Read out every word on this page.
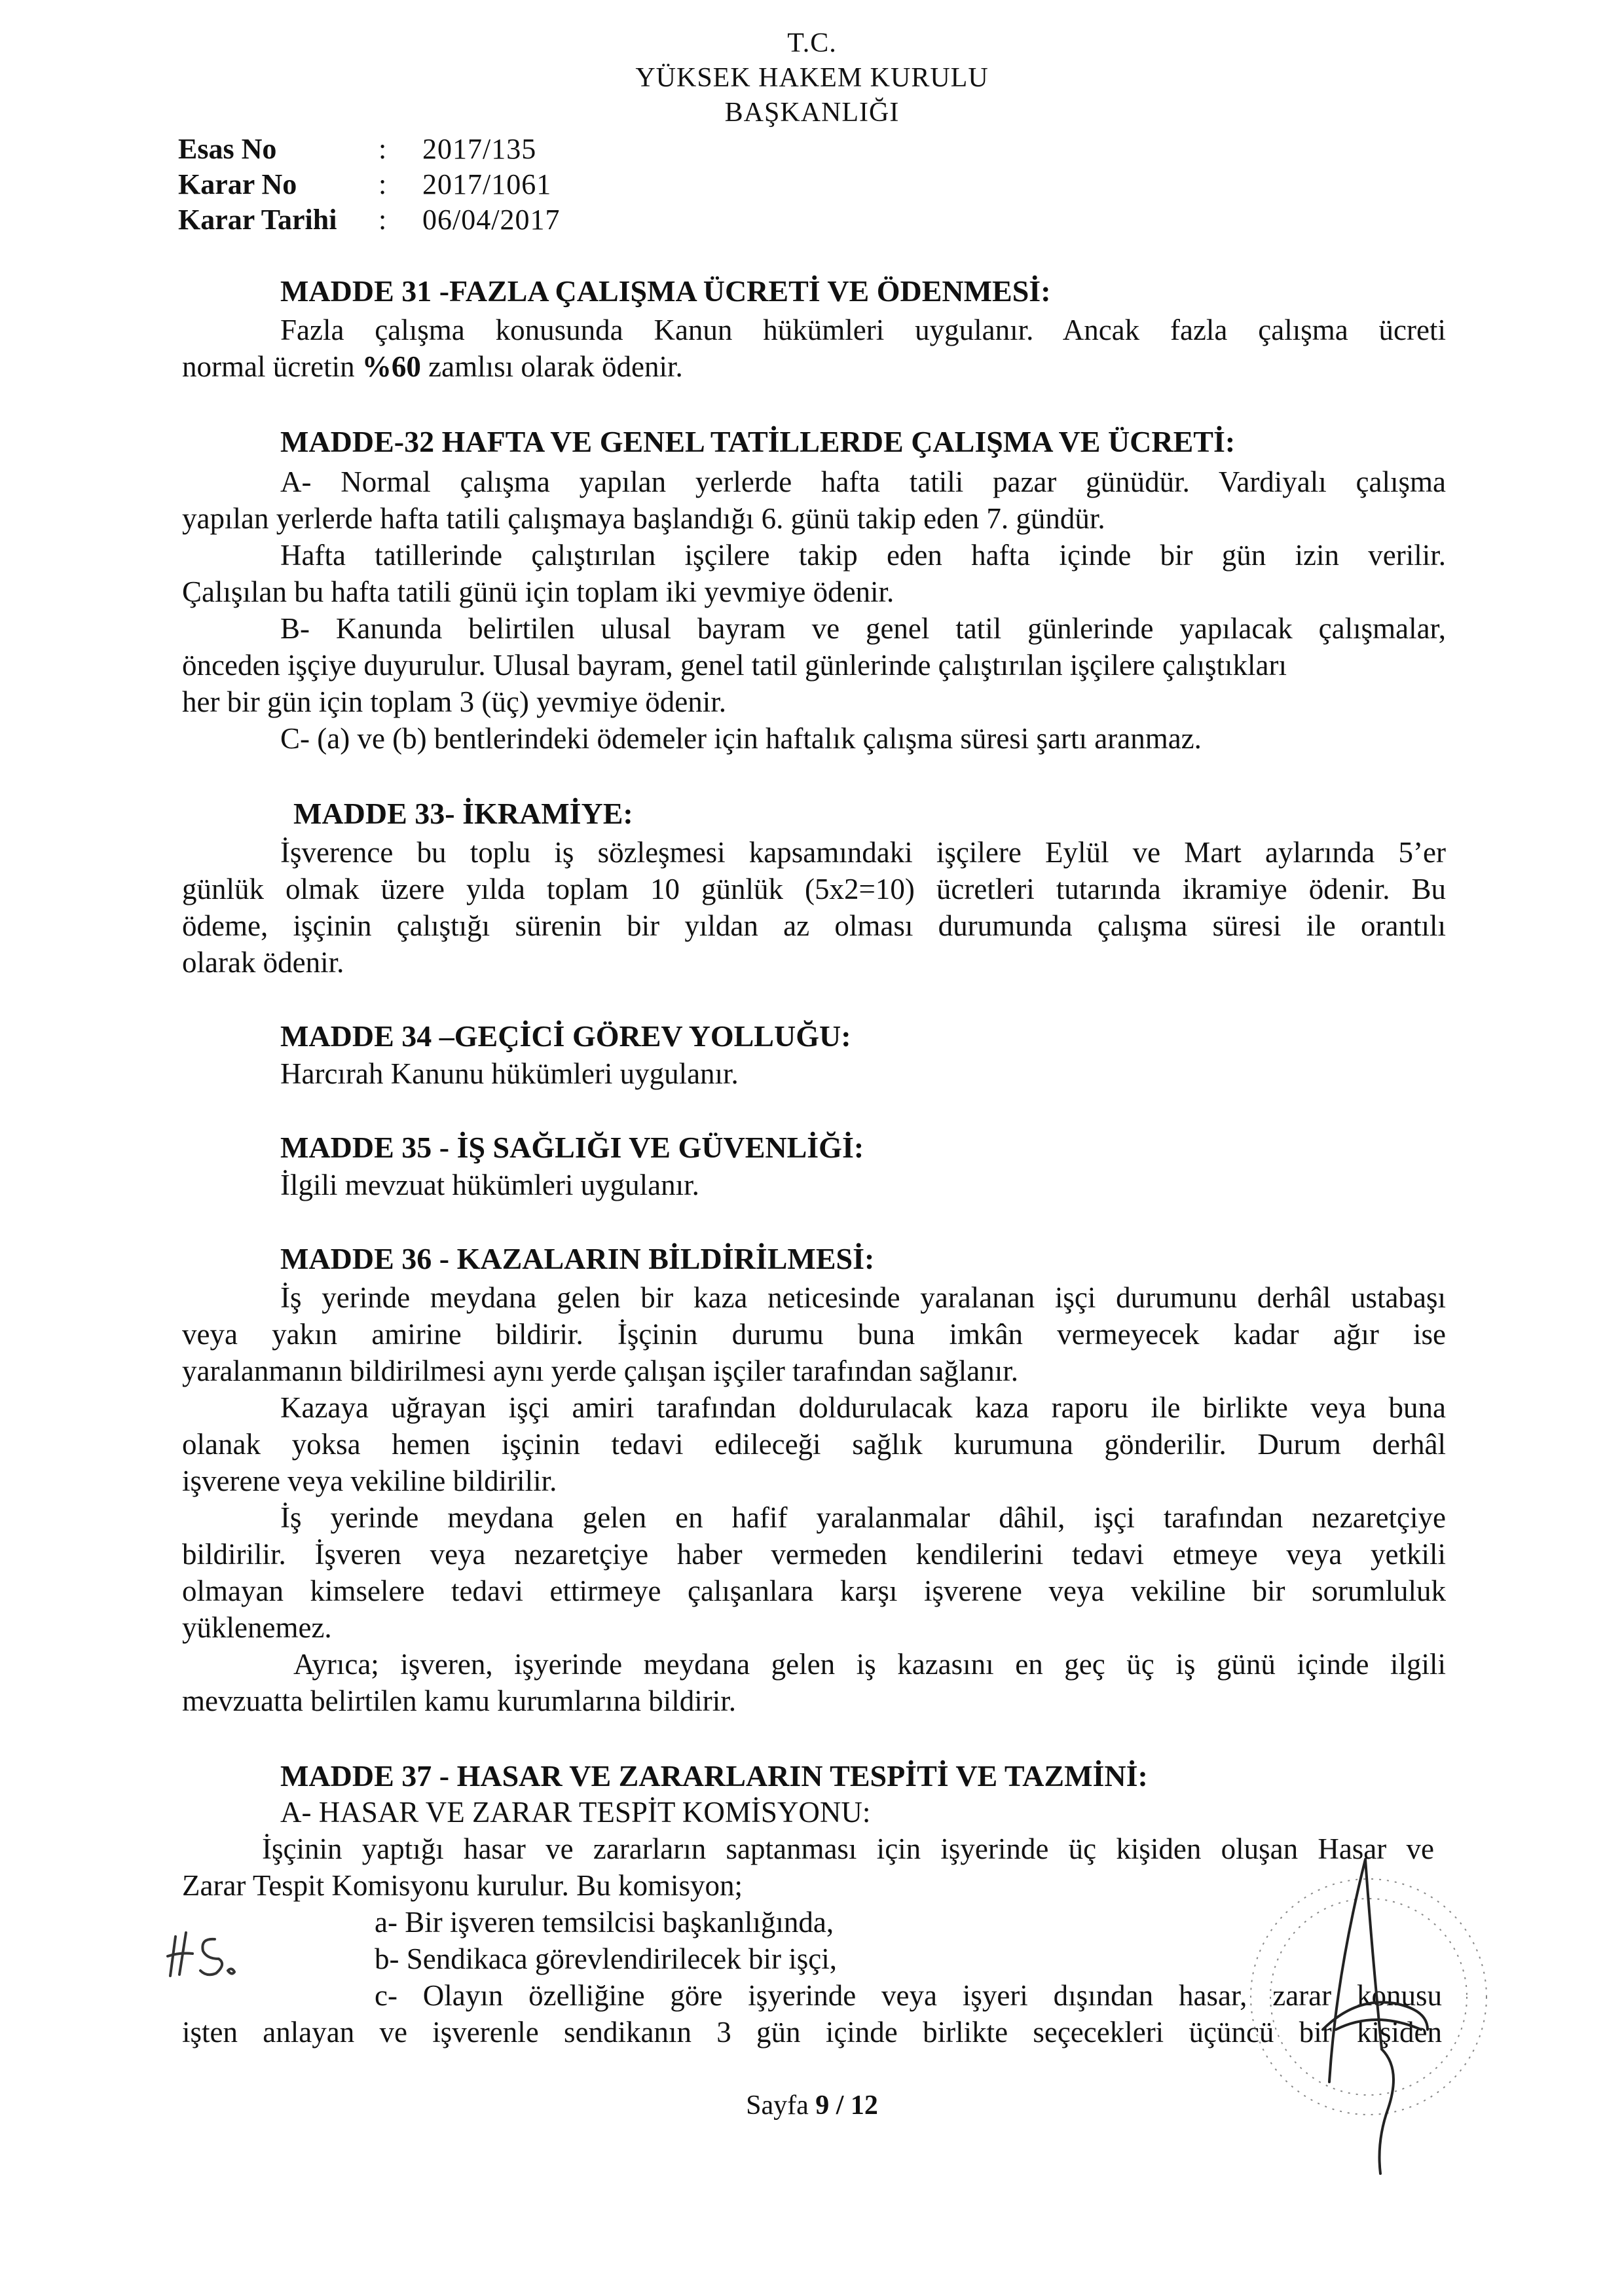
T.C.
YÜKSEK HAKEM KURULU
BAŞKANLIĞI
Esas No	: 2017/135
Karar No	: 2017/1061
Karar Tarihi : 06/04/2017
MADDE 31 -FAZLA ÇALIŞMA ÜCRETİ VE ÖDENMESİ:
Fazla çalışma konusunda Kanun hükümleri uygulanır. Ancak fazla çalışma ücreti
normal ücretin %60 zamlısı olarak ödenir.
MADDE-32 HAFTA VE GENEL TATİLLERDE ÇALIŞMA VE ÜCRETİ:
A- Normal çalışma yapılan yerlerde hafta tatili pazar günüdür. Vardiyalı çalışma
yapılan yerlerde hafta tatili çalışmaya başlandığı 6. günü takip eden 7. gündür.
Hafta tatillerinde çalıştırılan işçilere takip eden hafta içinde bir gün izin verilir.
Çalışılan bu hafta tatili günü için toplam iki yevmiye ödenir.
B- Kanunda belirtilen ulusal bayram ve genel tatil günlerinde yapılacak çalışmalar,
önceden işçiye duyurulur. Ulusal bayram, genel tatil günlerinde çalıştırılan işçilere çalıştıkları
her bir gün için toplam 3 (üç) yevmiye ödenir.
C- (a) ve (b) bentlerindeki ödemeler için haftalık çalışma süresi şartı aranmaz.
MADDE 33- İKRAMİYE:
İşverence bu toplu iş sözleşmesi kapsamındaki işçilere Eylül ve Mart aylarında 5’er
günlük olmak üzere yılda toplam 10 günlük (5x2=10) ücretleri tutarında ikramiye ödenir. Bu
ödeme, işçinin çalıştığı sürenin bir yıldan az olması durumunda çalışma süresi ile orantılı
olarak ödenir.
MADDE 34 –GEÇİCİ GÖREV YOLLUĞU:
Harcırah Kanunu hükümleri uygulanır.
MADDE 35 - İŞ SAĞLIĞI VE GÜVENLİĞİ:
İlgili mevzuat hükümleri uygulanır.
MADDE 36 - KAZALARIN BİLDİRİLMESİ:
İş yerinde meydana gelen bir kaza neticesinde yaralanan işçi durumunu derhâl ustabaşı
veya yakın amirine bildirir. İşçinin durumu buna imkân vermeyecek kadar ağır ise
yaralanmanın bildirilmesi aynı yerde çalışan işçiler tarafından sağlanır.
Kazaya uğrayan işçi amiri tarafından doldurulacak kaza raporu ile birlikte veya buna
olanak yoksa hemen işçinin tedavi edileceği sağlık kurumuna gönderilir. Durum derhâl
işverene veya vekiline bildirilir.
İş yerinde meydana gelen en hafif yaralanmalar dâhil, işçi tarafından nezaretçiye
bildirilir. İşveren veya nezaretçiye haber vermeden kendilerini tedavi etmeye veya yetkili
olmayan kimselere tedavi ettirmeye çalışanlara karşı işverene veya vekiline bir sorumluluk
yüklenemez.
Ayrıca; işveren, işyerinde meydana gelen iş kazasını en geç üç iş günü içinde ilgili
mevzuatta belirtilen kamu kurumlarına bildirir.
MADDE 37 - HASAR VE ZARARLARIN TESPİTİ VE TAZMİNİ:
A- HASAR VE ZARAR TESPİT KOMİSYONU:
İşçinin yaptığı hasar ve zararların saptanması için işyerinde üç kişiden oluşan Hasar ve
Zarar Tespit Komisyonu kurulur. Bu komisyon;
a- Bir işveren temsilcisi başkanlığında,
b- Sendikaca görevlendirilecek bir işçi,
c- Olayın özelliğine göre işyerinde veya işyeri dışından hasar, zarar konusu
işten anlayan ve işverenle sendikanın 3 gün içinde birlikte seçecekleri üçüncü bir kişiden
Sayfa 9 / 12
